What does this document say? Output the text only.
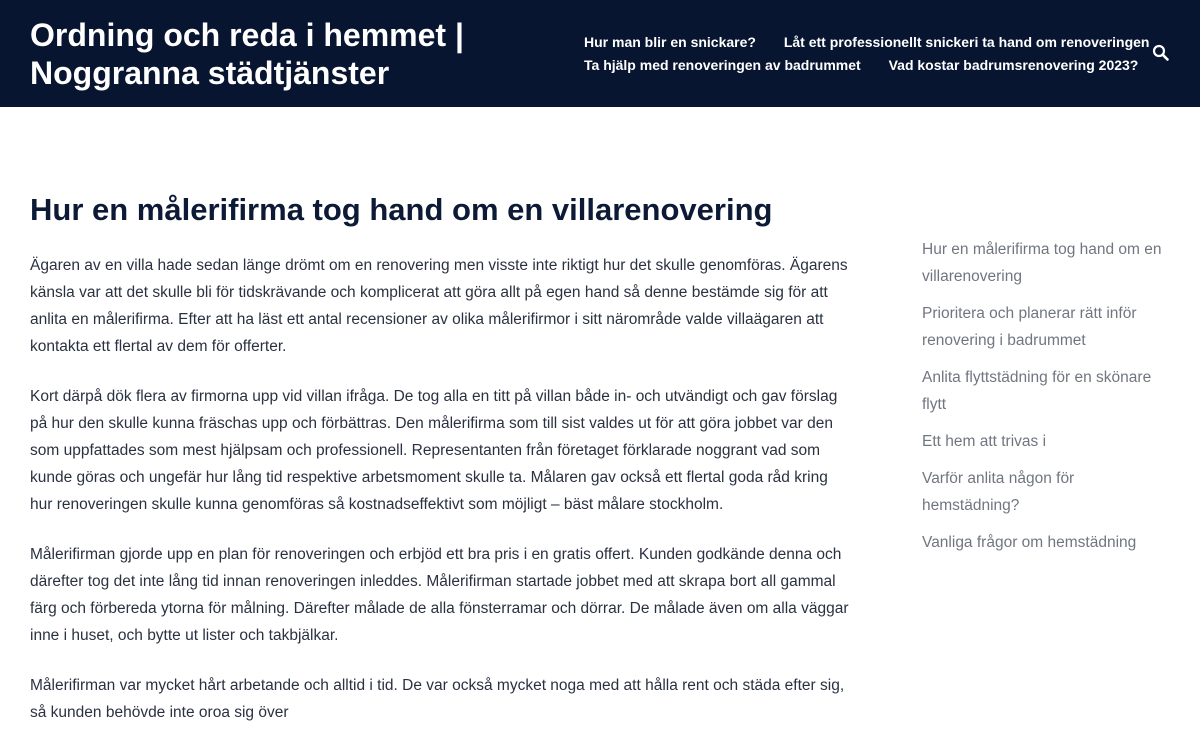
Ordning och reda i hemmet | Noggranna städtjänster
Hur man blir en snickare? Låt ett professionellt snickeri ta hand om renoveringen
Ta hjälp med renoveringen av badrummet Vad kostar badrumsrenovering 2023?
Hur en målerifirma tog hand om en villarenovering

Ägaren av en villa hade sedan länge drömt om en renovering men visste inte riktigt hur det skulle genomföras. Ägarens känsla var att det skulle bli för tidskrävande och komplicerat att göra allt på egen hand så denne bestämde sig för att anlita en målerifirma. Efter att ha läst ett antal recensioner av olika målerifirmor i sitt närområde valde villaägaren att kontakta ett flertal av dem för offerter.

Kort därpå dök flera av firmorna upp vid villan ifråga. De tog alla en titt på villan både in- och utvändigt och gav förslag på hur den skulle kunna fräschas upp och förbättras. Den målerifirma som till sist valdes ut för att göra jobbet var den som uppfattades som mest hjälpsam och professionell. Representanten från företaget förklarade noggrant vad som kunde göras och ungefär hur lång tid respektive arbetsmoment skulle ta. Målaren gav också ett flertal goda råd kring hur renoveringen skulle kunna genomföras så kostnadseffektivt som möjligt – bäst målare stockholm.

Målerifirman gjorde upp en plan för renoveringen och erbjöd ett bra pris i en gratis offert. Kunden godkände denna och därefter tog det inte lång tid innan renoveringen inleddes. Målerifirman startade jobbet med att skrapa bort all gammal färg och förbereda ytorna för målning. Därefter målade de alla fönsterramar och dörrar. De målade även om alla väggar inne i huset, och bytte ut lister och takbjälkar.

Målerifirman var mycket hårt arbetande och alltid i tid. De var också mycket noga med att hålla rent och städa efter sig, så kunden behövde inte oroa sig över

Hur en målerifirma tog hand om en villarenovering
Prioritera och planerar rätt inför renovering i badrummet
Anlita flyttstädning för en skönare flytt
Ett hem att trivas i
Varför anlita någon för hemstädning?
Vanliga frågor om hemstädning
